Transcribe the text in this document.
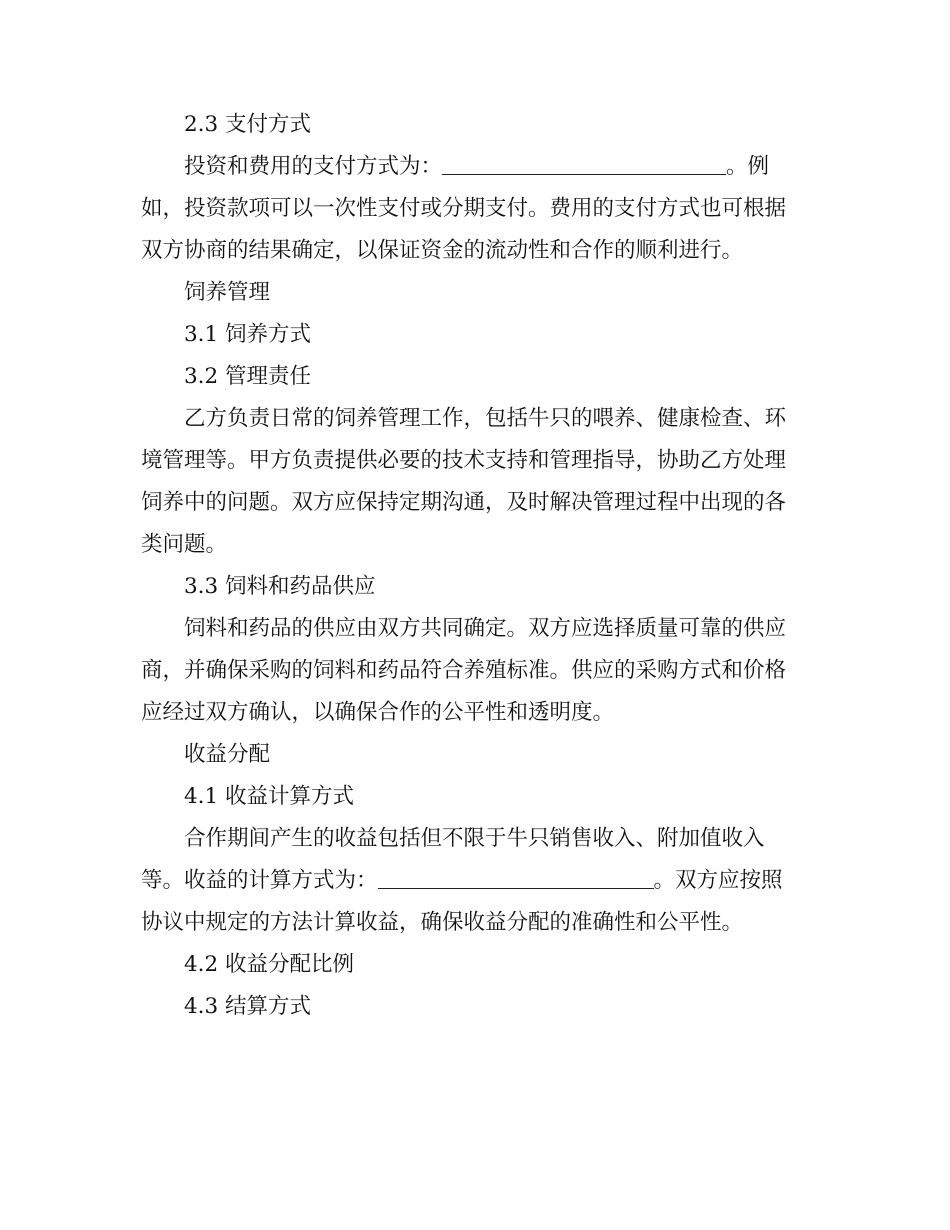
2.3 支付方式
投资和费用的支付方式为：	。例
如，投资款项可以一次性支付或分期支付。费用的支付方式也可根据
双方协商的结果确定，以保证资金的流动性和合作的顺利进行。
饲养管理
3.1 饲养方式
3.2 管理责任
乙方负责日常的饲养管理工作，包括牛只的喂养、健康检查、环
境管理等。甲方负责提供必要的技术支持和管理指导，协助乙方处理
饲养中的问题。双方应保持定期沟通，及时解决管理过程中出现的各
类问题。
3.3 饲料和药品供应
饲料和药品的供应由双方共同确定。双方应选择质量可靠的供应
商，并确保采购的饲料和药品符合养殖标准。供应的采购方式和价格
应经过双方确认，以确保合作的公平性和透明度。
收益分配
4.1 收益计算方式
合作期间产生的收益包括但不限于牛只销售收入、附加值收入
等。收益的计算方式为：	。双方应按照
协议中规定的方法计算收益，确保收益分配的准确性和公平性。
4.2 收益分配比例
4.3 结算方式
